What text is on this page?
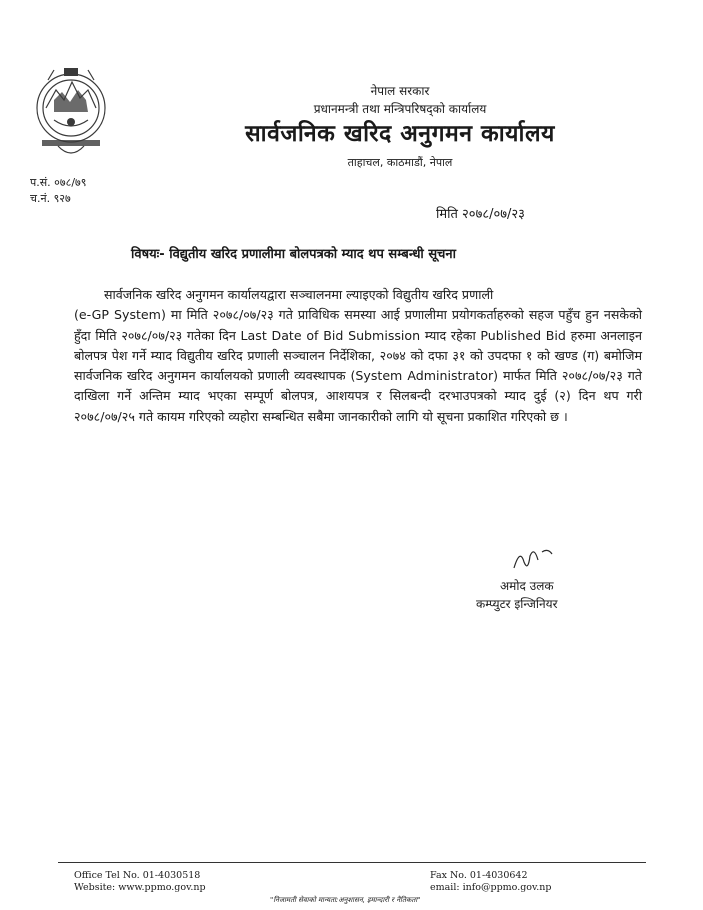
नेपाल सरकार
प्रधानमन्त्री तथा मन्त्रिपरिषद्को कार्यालय
सार्वजनिक खरिद अनुगमन कार्यालय
ताहाचल, काठमाडौं, नेपाल
प.सं. ०७८/७९
च.नं. ९२७
मिति २०७८/०७/२३
विषयः- विद्युतीय खरिद प्रणालीमा बोलपत्रको म्याद थप सम्बन्धी सूचना
सार्वजनिक खरिद अनुगमन कार्यालयद्वारा सञ्चालनमा ल्याइएको विद्युतीय खरिद प्रणाली
(e-GP System) मा मिति २०७८/०७/२३ गते प्राविधिक समस्या आई प्रणालीमा प्रयोगकर्ताहरुको सहज पहुँच हुन नसकेको हुँदा मिति २०७८/०७/२३ गतेका दिन Last Date of Bid Submission म्याद रहेका Published Bid हरुमा अनलाइन बोलपत्र पेश गर्ने म्याद विद्युतीय खरिद प्रणाली सञ्चालन निर्देशिका, २०७४ को दफा ३१ को उपदफा १ को खण्ड (ग) बमोजिम सार्वजनिक खरिद अनुगमन कार्यालयको प्रणाली व्यवस्थापक (System Administrator) मार्फत मिति २०७८/०७/२३ गते दाखिला गर्ने अन्तिम म्याद भएका सम्पूर्ण बोलपत्र, आशयपत्र र सिलबन्दी दरभाउपत्रको म्याद दुई (२) दिन थप गरी २०७८/०७/२५ गते कायम गरिएको व्यहोरा सम्बन्धित सबैमा जानकारीको लागि यो सूचना प्रकाशित गरिएको छ ।
अमोद उलक
कम्प्युटर इन्जिनियर
Office Tel No. 01-4030518
Website: www.ppmo.gov.np
Fax No. 01-4030642
email: info@ppmo.gov.np
"निजामती सेवाको मान्यता:अनुशासन, इमान्दारी र नैतिकता"
